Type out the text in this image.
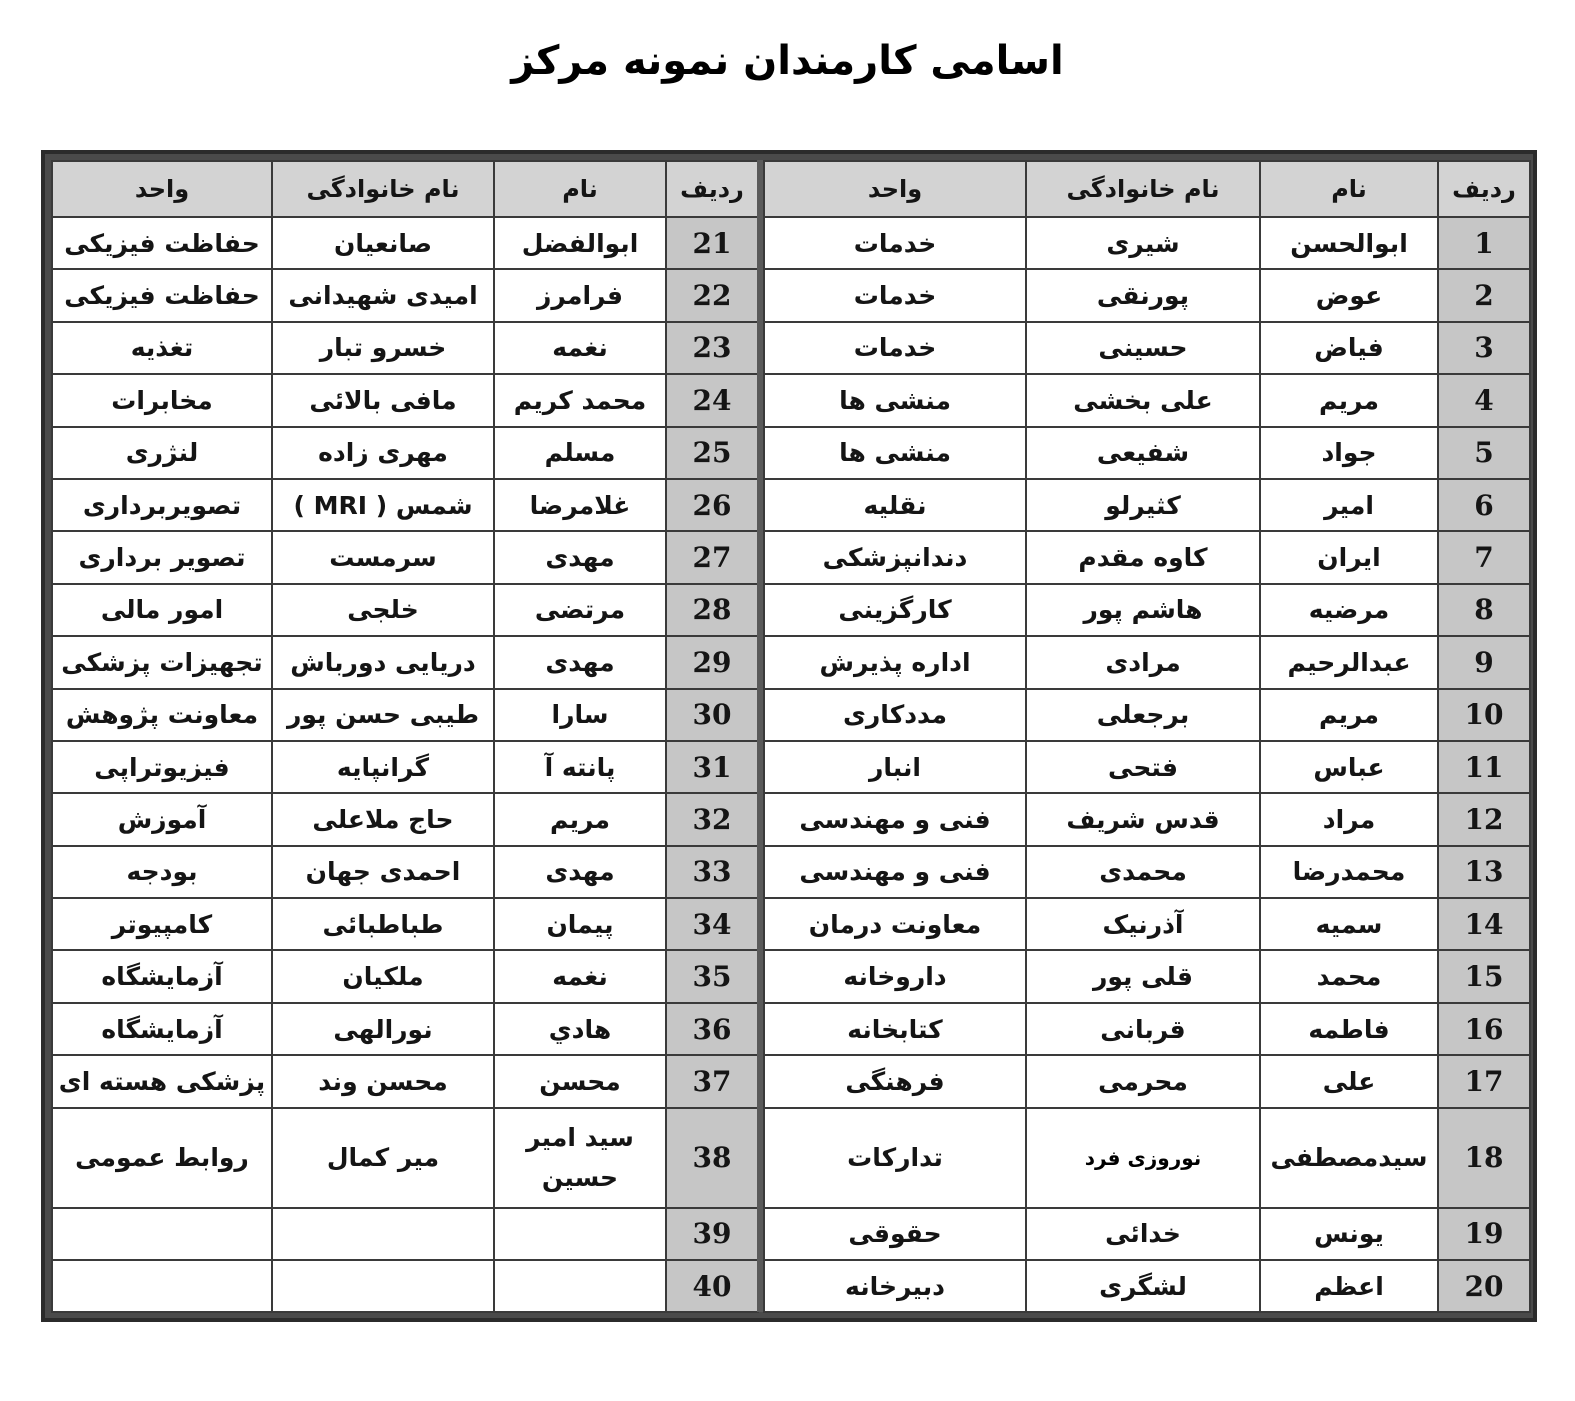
اسامی کارمندان نمونه مرکز
ردیف	نام	نام خانوادگی	واحد
21	ابوالفضل	صانعیان	حفاظت فیزیکی
22	فرامرز	امیدی شهیدانی	حفاظت فیزیکی
23	نغمه	خسرو تبار	تغذیه
24	محمد کریم	مافی بالائی	مخابرات
25	مسلم	مهری زاده	لنژری
26	غلامرضا	شمس ( MRI )	تصویربرداری
27	مهدی	سرمست	تصویر برداری
28	مرتضی	خلجی	امور مالی
29	مهدی	دریایی دورباش	تجهیزات پزشکی
30	سارا	طیبی حسن پور	معاونت پژوهش
31	پانته آ	گرانپایه	فیزیوتراپی
32	مریم	حاج ملاعلی	آموزش
33	مهدی	احمدی جهان	بودجه
34	پیمان	طباطبائی	کامپیوتر
35	نغمه	ملکیان	آزمایشگاه
36	هادي	نورالهی	آزمایشگاه
37	محسن	محسن وند	پزشکی هسته ای
38	سید امیر حسین	میر کمال	روابط عمومی
39			
40			
ردیف	نام	نام خانوادگی	واحد
1	ابوالحسن	شیری	خدمات
2	عوض	پورنقی	خدمات
3	فیاض	حسینی	خدمات
4	مریم	علی بخشی	منشی ها
5	جواد	شفیعی	منشی ها
6	امیر	کثیرلو	نقلیه
7	ایران	کاوه مقدم	دندانپزشکی
8	مرضیه	هاشم پور	کارگزینی
9	عبدالرحیم	مرادی	اداره پذیرش
10	مریم	برجعلی	مددکاری
11	عباس	فتحی	انبار
12	مراد	قدس شریف	فنی و مهندسی
13	محمدرضا	محمدی	فنی و مهندسی
14	سمیه	آذرنیک	معاونت درمان
15	محمد	قلی پور	داروخانه
16	فاطمه	قربانی	کتابخانه
17	علی	محرمی	فرهنگی
18	سیدمصطفی	نوروزی فرد	تدارکات
19	یونس	خدائی	حقوقی
20	اعظم	لشگری	دبیرخانه
